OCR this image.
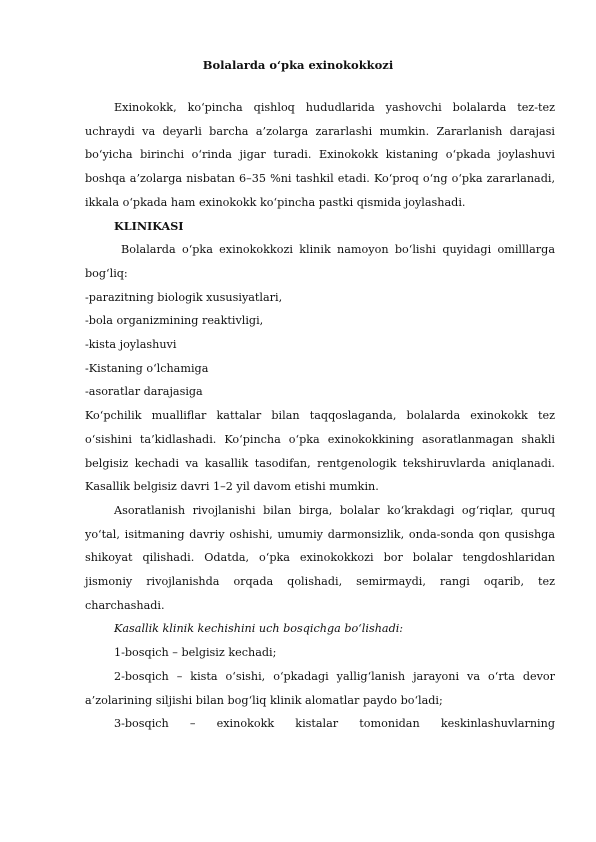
Bolalarda o‘pka exinokokkozi

Exinokokk, ko‘pincha qishloq hududlarida yashovchi bolalarda tez-tez uchraydi va deyarli barcha a’zolarga zararlashi mumkin. Zararlanish darajasi bo‘yicha birinchi o‘rinda jigar turadi. Exinokokk kistaning o‘pkada joylashuvi boshqa a’zolarga nisbatan 6–35 %ni tashkil etadi. Ko‘proq o‘ng o‘pka zararlanadi, ikkala o‘pkada ham exinokokk ko‘pincha pastki qismida joylashadi.

KLINIKASI

Bolalarda o‘pka exinokokkozi klinik namoyon bo‘lishi quyidagi omilllarga bog‘liq:

-parazitning biologik xususiyatlari,

-bola organizmining reaktivligi,

-kista joylashuvi

-Kistaning o‘lchamiga

-asoratlar darajasiga

Ko‘pchilik mualliflar kattalar bilan taqqoslaganda, bolalarda exinokokk tez o‘sishini ta’kidlashadi. Ko‘pincha o‘pka exinokokkining asoratlanmagan shakli belgisiz kechadi va kasallik tasodifan, rentgenologik tekshiruvlarda aniqlanadi. Kasallik belgisiz davri 1–2 yil davom etishi mumkin.

Asoratlanish rivojlanishi bilan birga, bolalar ko‘krakdagi og‘riqlar, quruq yo‘tal, isitmaning davriy oshishi, umumiy darmonsizlik, onda-sonda qon qusishga shikoyat qilishadi. Odatda, o‘pka exinokokkozi bor bolalar tengdoshlaridan jismoniy rivojlanishda orqada qolishadi, semirmaydi, rangi oqarib, tez charchashadi.

Kasallik klinik kechishini uch bosqichga bo‘lishadi:

1-bosqich – belgisiz kechadi;

2-bosqich – kista o‘sishi, o‘pkadagi yallig‘lanish jarayoni va o‘rta devor a’zolarining siljishi bilan bog‘liq klinik alomatlar paydo bo‘ladi;

3-bosqich – exinokokk kistalar tomonidan keskinlashuvlarning
